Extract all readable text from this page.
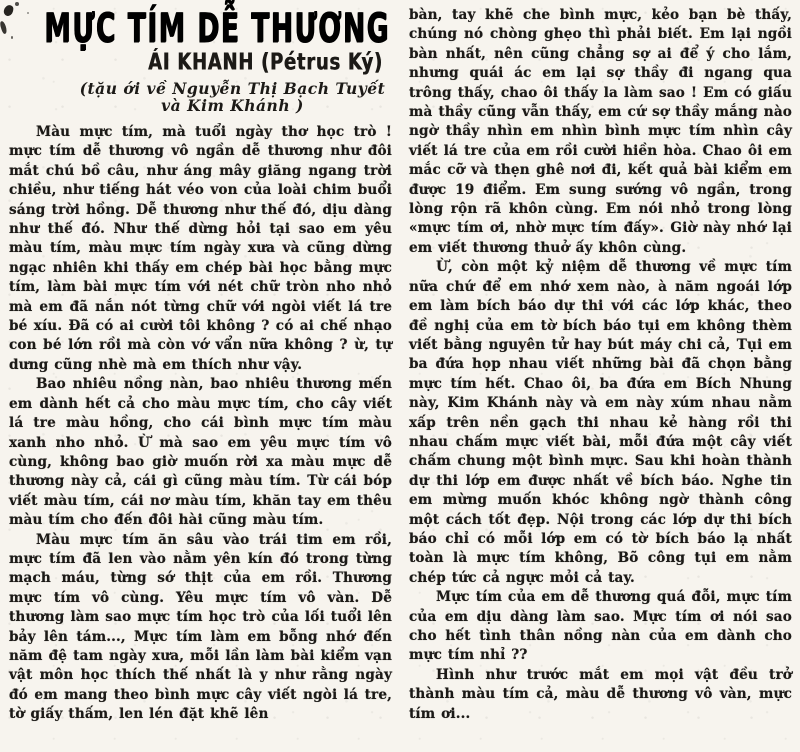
MỰC TÍM DỄ THƯƠNG
ÁI KHANH (Pétrus Ký)
(tặu ới về Nguyễn Thị Bạch Tuyết
và Kim Khánh )

Màu mực tím, mà tuổi ngày thơ học trò ! mực tím dễ thương vô ngần dễ thương như đôi mắt chú bồ câu, như áng mây giăng ngang trời chiều, như tiếng hát véo von của loài chim buổi sáng trời hồng. Dễ thương như thế đó, dịu dàng như thế đó. Như thế dừng hỏi tại sao em yêu màu tím, màu mực tím ngày xưa và cũng dừng ngạc nhiên khi thấy em chép bài học bằng mực tím, làm bài mực tím với nét chữ tròn nho nhỏ mà em đã nắn nót từng chữ với ngòi viết lá tre bé xíu. Đã có ai cười tôi không ? có ai chế nhạo con bé lớn rồi mà còn vớ vẩn nữa không ? ừ, tự dưng cũng nhè mà em thích như vậy.

Bao nhiêu nồng nàn, bao nhiêu thương mến em dành hết cả cho màu mực tím, cho cây viết lá tre màu hồng, cho cái bình mực tím màu xanh nho nhỏ. Ừ mà sao em yêu mực tím vô cùng, không bao giờ muốn rời xa màu mực dễ thương này cả, cái gì cũng màu tím. Từ cái bóp viết màu tím, cái nơ màu tím, khăn tay em thêu màu tím cho đến đôi hài cũng màu tím.

Màu mực tím ăn sâu vào trái tim em rồi, mực tím đã len vào nằm yên kín đó trong từng mạch máu, từng sớ thịt của em rồi. Thương mực tím vô cùng. Yêu mực tím vô vàn. Dễ thương làm sao mực tím học trò của lối tuổi lên bảy lên tám..., Mực tím làm em bỗng nhớ đến năm đệ tam ngày xưa, mỗi lần làm bài kiểm vạn vật môn học thích thế nhất là y như rằng ngày đó em mang theo bình mực cây viết ngòi lá tre, tờ giấy thấm, len lén đặt khẽ lên

bàn, tay khẽ che bình mực, kẻo bạn bè thấy, chúng nó chòng ghẹo thì phải biết. Em lại ngồi bàn nhất, nên cũng chẳng sợ ai để ý cho lắm, nhưng quái ác em lại sợ thầy đi ngang qua trông thấy, chao ôi thấy la làm sao ! Em có giấu mà thầy cũng vẫn thấy, em cứ sợ thầy mắng nào ngờ thầy nhìn em nhìn bình mực tím nhìn cây viết lá tre của em rồi cười hiền hòa. Chao ôi em mắc cỡ và thẹn ghê nơi đi, kết quả bài kiểm em được 19 điểm. Em sung sướng vô ngần, trong lòng rộn rã khôn cùng. Em nói nhỏ trong lòng «mực tím ơi, nhờ mực tím đấy». Giờ này nhớ lại em viết thương thuở ấy khôn cùng.

Ừ, còn một kỷ niệm dễ thương về mực tím nữa chứ để em nhớ xem nào, à năm ngoái lớp em làm bích báo dự thi với các lớp khác, theo đề nghị của em tờ bích báo tụi em không thèm viết bằng nguyên tử hay bút máy chi cả, Tụi em ba đứa họp nhau viết những bài đã chọn bằng mực tím hết. Chao ôi, ba đứa em Bích Nhung này, Kim Khánh này và em này xúm nhau nằm xấp trên nền gạch thi nhau kẻ hàng rồi thi nhau chấm mực viết bài, mỗi đứa một cây viết chấm chung một bình mực. Sau khi hoàn thành dự thi lớp em được nhất về bích báo. Nghe tin em mừng muốn khóc không ngờ thành công một cách tốt đẹp. Nội trong các lớp dự thi bích báo chỉ có mỗi lớp em có tờ bích báo lạ nhất toàn là mực tím không, Bõ công tụi em nằm chép tức cả ngực mỏi cả tay.

Mực tím của em dễ thương quá đỗi, mực tím của em dịu dàng làm sao. Mực tím ơi nói sao cho hết tình thân nồng nàn của em dành cho mực tím nhỉ ??

Hình như trước mắt em mọi vật đều trở thành màu tím cả, màu dễ thương vô vàn, mực tím ơi...
